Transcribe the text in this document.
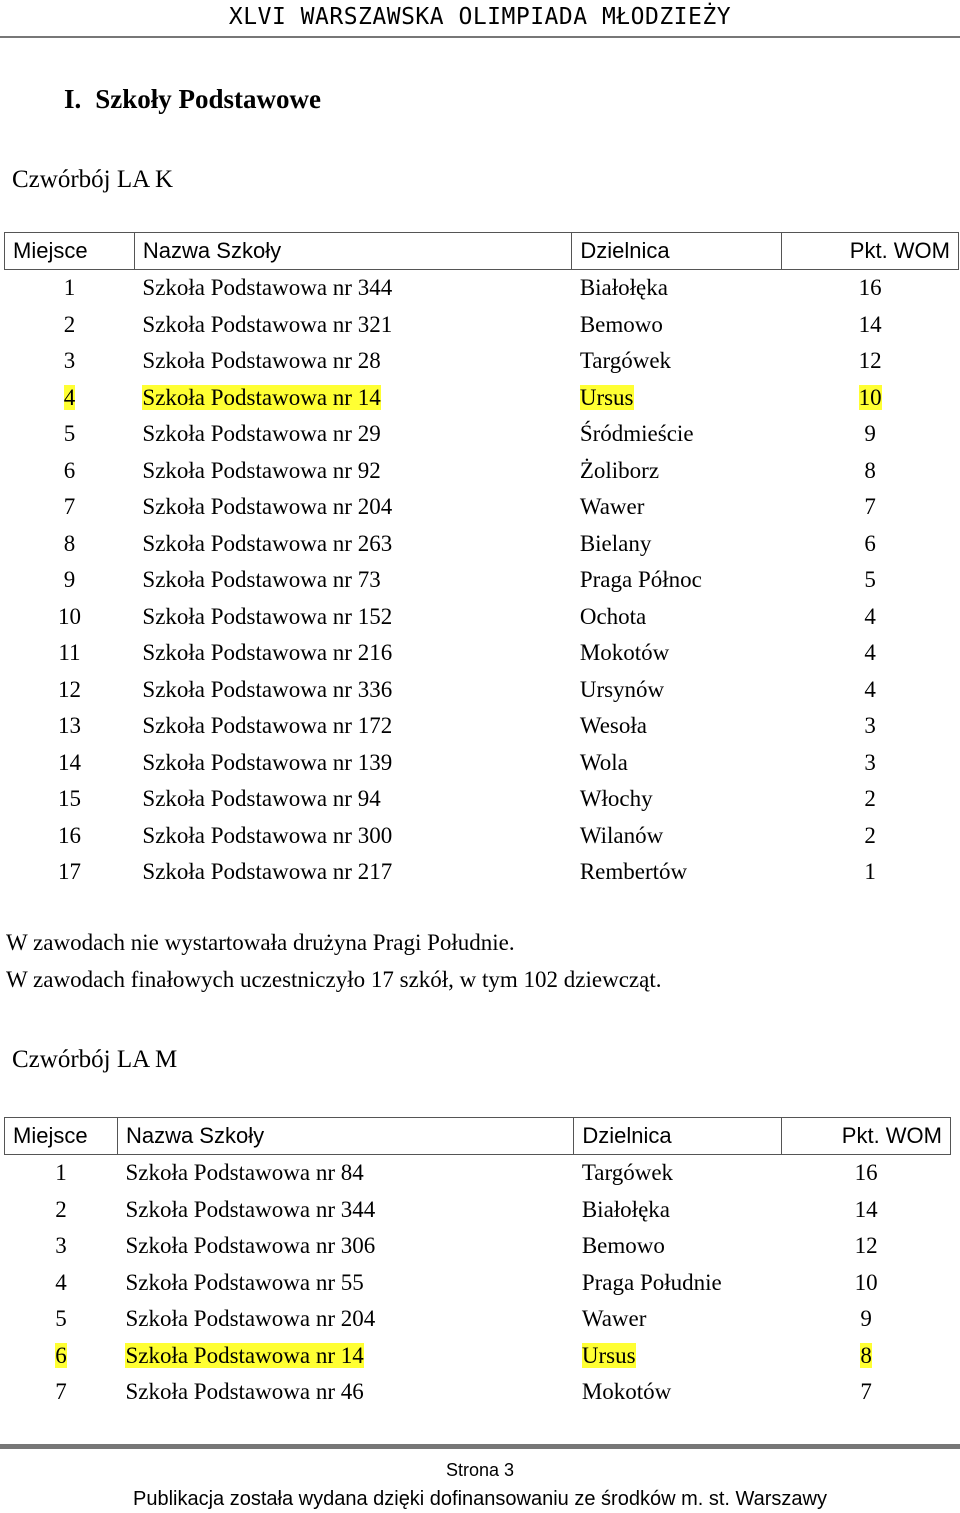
XLVI WARSZAWSKA OLIMPIADA MŁODZIEŻY
I. Szkoły Podstawowe
Czwórbój LA K
Miejsce	Nazwa Szkoły	Dzielnica	Pkt. WOM
1	Szkoła Podstawowa nr 344	Białołęka	16
2	Szkoła Podstawowa nr 321	Bemowo	14
3	Szkoła Podstawowa nr 28	Targówek	12
4	Szkoła Podstawowa nr 14	Ursus	10
5	Szkoła Podstawowa nr 29	Śródmieście	9
6	Szkoła Podstawowa nr 92	Żoliborz	8
7	Szkoła Podstawowa nr 204	Wawer	7
8	Szkoła Podstawowa nr 263	Bielany	6
9	Szkoła Podstawowa nr 73	Praga Północ	5
10	Szkoła Podstawowa nr 152	Ochota	4
11	Szkoła Podstawowa nr 216	Mokotów	4
12	Szkoła Podstawowa nr 336	Ursynów	4
13	Szkoła Podstawowa nr 172	Wesoła	3
14	Szkoła Podstawowa nr 139	Wola	3
15	Szkoła Podstawowa nr 94	Włochy	2
16	Szkoła Podstawowa nr 300	Wilanów	2
17	Szkoła Podstawowa nr 217	Rembertów	1
W zawodach nie wystartowała drużyna Pragi Południe.
W zawodach finałowych uczestniczyło 17 szkół, w tym 102 dziewcząt.
Czwórbój LA M
Miejsce	Nazwa Szkoły	Dzielnica	Pkt. WOM
1	Szkoła Podstawowa nr 84	Targówek	16
2	Szkoła Podstawowa nr 344	Białołęka	14
3	Szkoła Podstawowa nr 306	Bemowo	12
4	Szkoła Podstawowa nr 55	Praga Południe	10
5	Szkoła Podstawowa nr 204	Wawer	9
6	Szkoła Podstawowa nr 14	Ursus	8
7	Szkoła Podstawowa nr 46	Mokotów	7
Strona 3
Publikacja została wydana dzięki dofinansowaniu ze środków m. st. Warszawy
